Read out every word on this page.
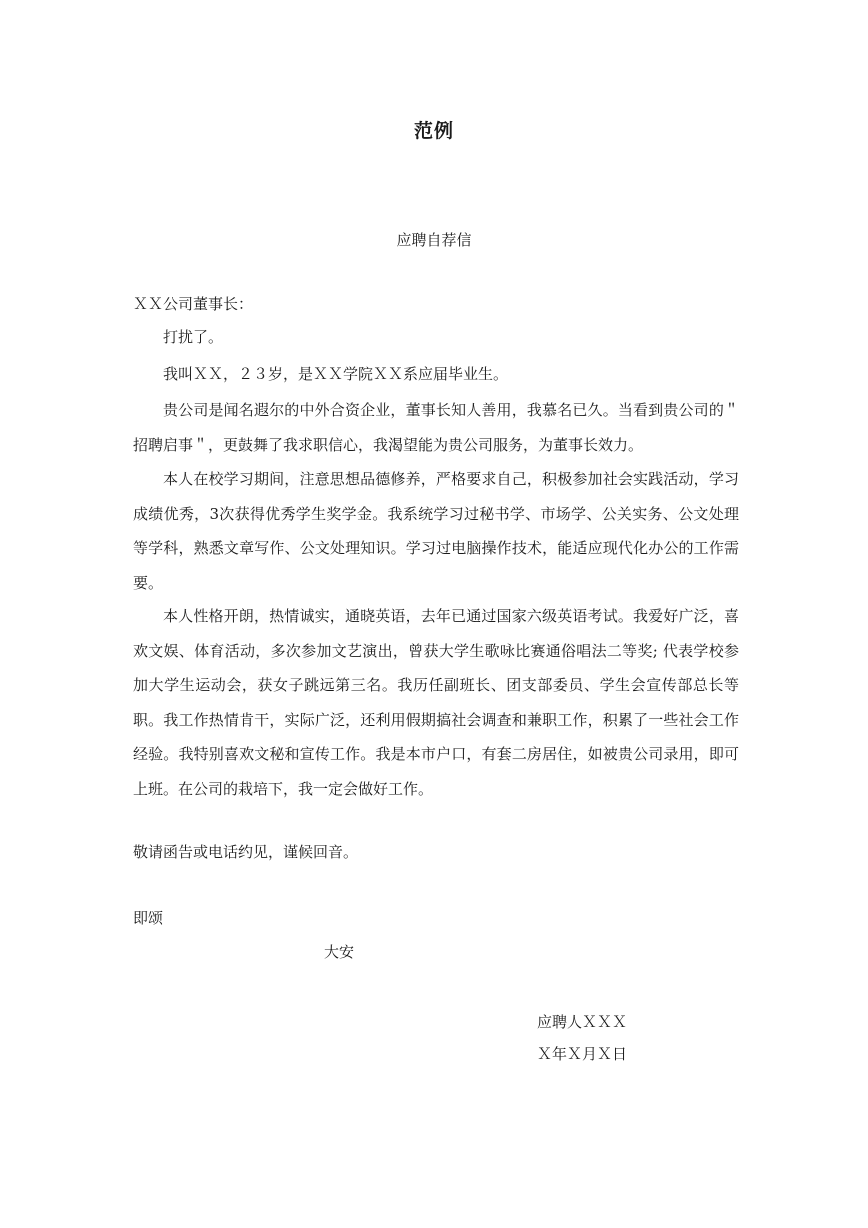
范例
应聘自荐信
ＸＸ公司董事长：

打扰了。

我叫ＸＸ，２３岁，是ＸＸ学院ＸＸ系应届毕业生。

贵公司是闻名遐尔的中外合资企业，董事长知人善用，我慕名已久。当看到贵公司的＂招聘启事＂，更鼓舞了我求职信心，我渴望能为贵公司服务，为董事长效力。

本人在校学习期间，注意思想品德修养，严格要求自己，积极参加社会实践活动，学习成绩优秀，3次获得优秀学生奖学金。我系统学习过秘书学、市场学、公关实务、公文处理等学科，熟悉文章写作、公文处理知识。学习过电脑操作技术，能适应现代化办公的工作需要。

本人性格开朗，热情诚实，通晓英语，去年已通过国家六级英语考试。我爱好广泛，喜欢文娱、体育活动，多次参加文艺演出，曾获大学生歌咏比赛通俗唱法二等奖; 代表学校参加大学生运动会，获女子跳远第三名。我历任副班长、团支部委员、学生会宣传部总长等职。我工作热情肯干，实际广泛，还利用假期搞社会调查和兼职工作，积累了一些社会工作经验。我特别喜欢文秘和宣传工作。我是本市户口，有套二房居住，如被贵公司录用，即可上班。在公司的栽培下，我一定会做好工作。

敬请函告或电话约见，谨候回音。
即颂
大安
应聘人ＸＸＸ
Ｘ年Ｘ月Ｘ日
